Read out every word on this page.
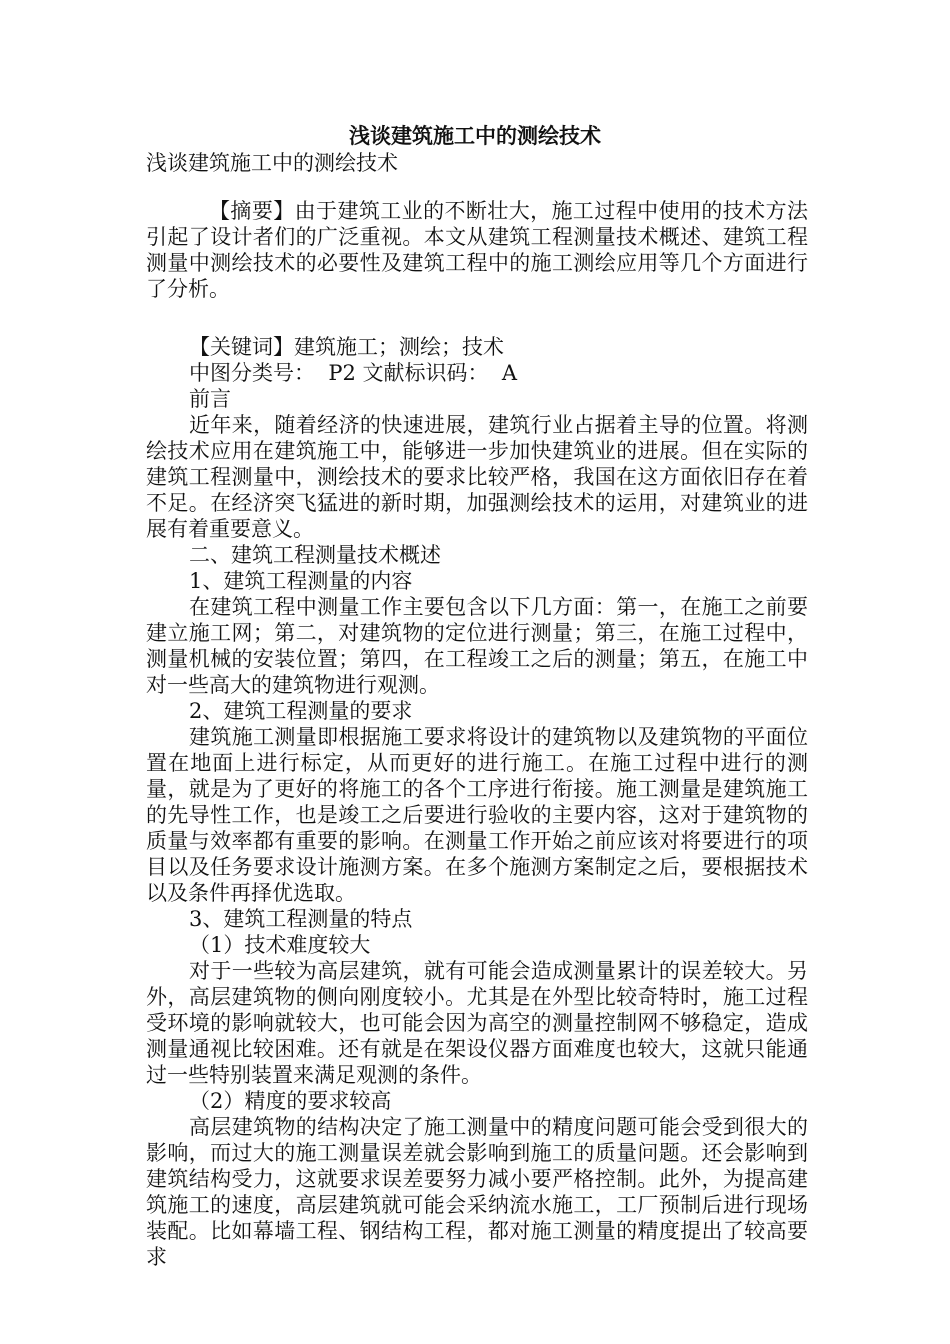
浅谈建筑施工中的测绘技术

浅谈建筑施工中的测绘技术

【摘要】由于建筑工业的不断壮大，施工过程中使用的技术方法引起了设计者们的广泛重视。本文从建筑工程测量技术概述、建筑工程测量中测绘技术的必要性及建筑工程中的施工测绘应用等几个方面进行了分析。

【关键词】建筑施工；测绘；技术

中图分类号：  P2 文献标识码：  A

前言

近年来，随着经济的快速进展，建筑行业占据着主导的位置。将测绘技术应用在建筑施工中，能够进一步加快建筑业的进展。但在实际的建筑工程测量中，测绘技术的要求比较严格，我国在这方面依旧存在着不足。在经济突飞猛进的新时期，加强测绘技术的运用，对建筑业的进展有着重要意义。

二、建筑工程测量技术概述

1、建筑工程测量的内容

在建筑工程中测量工作主要包含以下几方面：第一，在施工之前要建立施工网；第二，对建筑物的定位进行测量；第三，在施工过程中，测量机械的安装位置；第四，在工程竣工之后的测量；第五，在施工中对一些高大的建筑物进行观测。

2、建筑工程测量的要求

建筑施工测量即根据施工要求将设计的建筑物以及建筑物的平面位置在地面上进行标定，从而更好的进行施工。在施工过程中进行的测量，就是为了更好的将施工的各个工序进行衔接。施工测量是建筑施工的先导性工作，也是竣工之后要进行验收的主要内容，这对于建筑物的质量与效率都有重要的影响。在测量工作开始之前应该对将要进行的项目以及任务要求设计施测方案。在多个施测方案制定之后，要根据技术以及条件再择优选取。

3、建筑工程测量的特点

（1）技术难度较大

对于一些较为高层建筑，就有可能会造成测量累计的误差较大。另外，高层建筑物的侧向刚度较小。尤其是在外型比较奇特时，施工过程受环境的影响就较大，也可能会因为高空的测量控制网不够稳定，造成测量通视比较困难。还有就是在架设仪器方面难度也较大，这就只能通过一些特别装置来满足观测的条件。

（2）精度的要求较高

高层建筑物的结构决定了施工测量中的精度问题可能会受到很大的影响，而过大的施工测量误差就会影响到施工的质量问题。还会影响到建筑结构受力，这就要求误差要努力减小要严格控制。此外，为提高建筑施工的速度，高层建筑就可能会采纳流水施工，工厂预制后进行现场装配。比如幕墙工程、钢结构工程，都对施工测量的精度提出了较高要求
